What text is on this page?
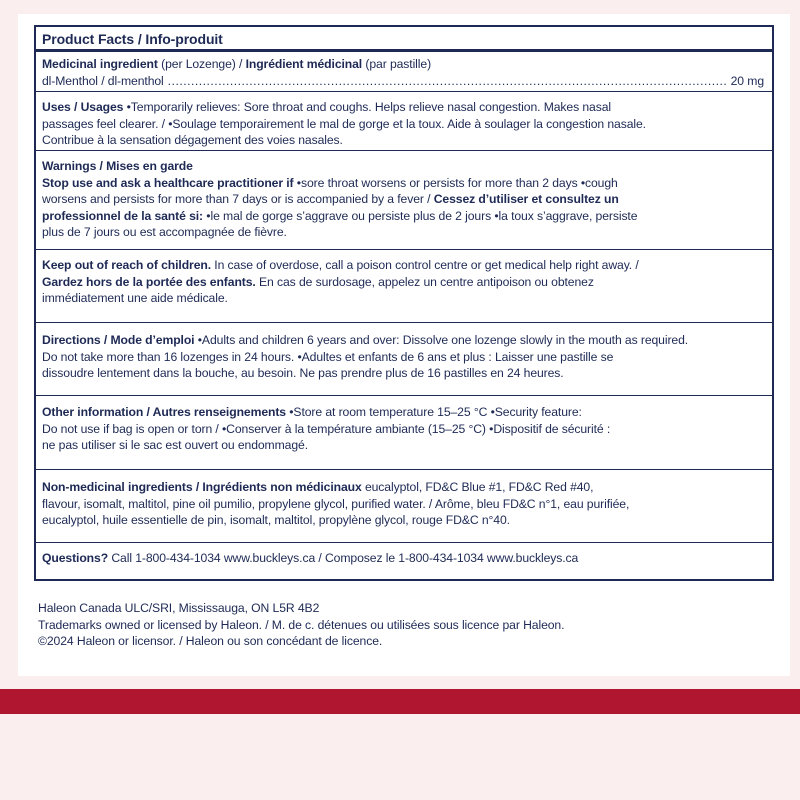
Product Facts / Info-produit
Medicinal ingredient (per Lozenge) / Ingrédient médicinal (par pastille)
dl-Menthol / dl-menthol
.....	20 mg
Uses / Usages •Temporarily relieves: Sore throat and coughs. Helps relieve nasal congestion. Makes nasal
passages feel clearer. / •Soulage temporairement le mal de gorge et la toux. Aide à soulager la congestion nasale.
Contribue à la sensation dégagement des voies nasales.
Warnings / Mises en garde
Stop use and ask a healthcare practitioner if •sore throat worsens or persists for more than 2 days •cough
worsens and persists for more than 7 days or is accompanied by a fever / Cessez d’utiliser et consultez un
professionnel de la santé si: •le mal de gorge s’aggrave ou persiste plus de 2 jours •la toux s’aggrave, persiste
plus de 7 jours ou est accompagnée de fièvre.
Keep out of reach of children. In case of overdose, call a poison control centre or get medical help right away. /
Gardez hors de la portée des enfants. En cas de surdosage, appelez un centre antipoison ou obtenez
immédiatement une aide médicale.
Directions / Mode d’emploi •Adults and children 6 years and over: Dissolve one lozenge slowly in the mouth as required.
Do not take more than 16 lozenges in 24 hours. •Adultes et enfants de 6 ans et plus : Laisser une pastille se
dissoudre lentement dans la bouche, au besoin. Ne pas prendre plus de 16 pastilles en 24 heures.
Other information / Autres renseignements •Store at room temperature 15–25 °C •Security feature:
Do not use if bag is open or torn / •Conserver à la température ambiante (15–25 °C) •Dispositif de sécurité :
ne pas utiliser si le sac est ouvert ou endommagé.
Non-medicinal ingredients / Ingrédients non médicinaux eucalyptol, FD&C Blue #1, FD&C Red #40,
flavour, isomalt, maltitol, pine oil pumilio, propylene glycol, purified water. / Arôme, bleu FD&C n°1, eau purifiée,
eucalyptol, huile essentielle de pin, isomalt, maltitol, propylène glycol, rouge FD&C n°40.
Questions? Call 1-800-434-1034 www.buckleys.ca / Composez le 1-800-434-1034 www.buckleys.ca
Haleon Canada ULC/SRI, Mississauga, ON L5R 4B2
Trademarks owned or licensed by Haleon. / M. de c. détenues ou utilisées sous licence par Haleon.
©2024 Haleon or licensor. / Haleon ou son concédant de licence.
